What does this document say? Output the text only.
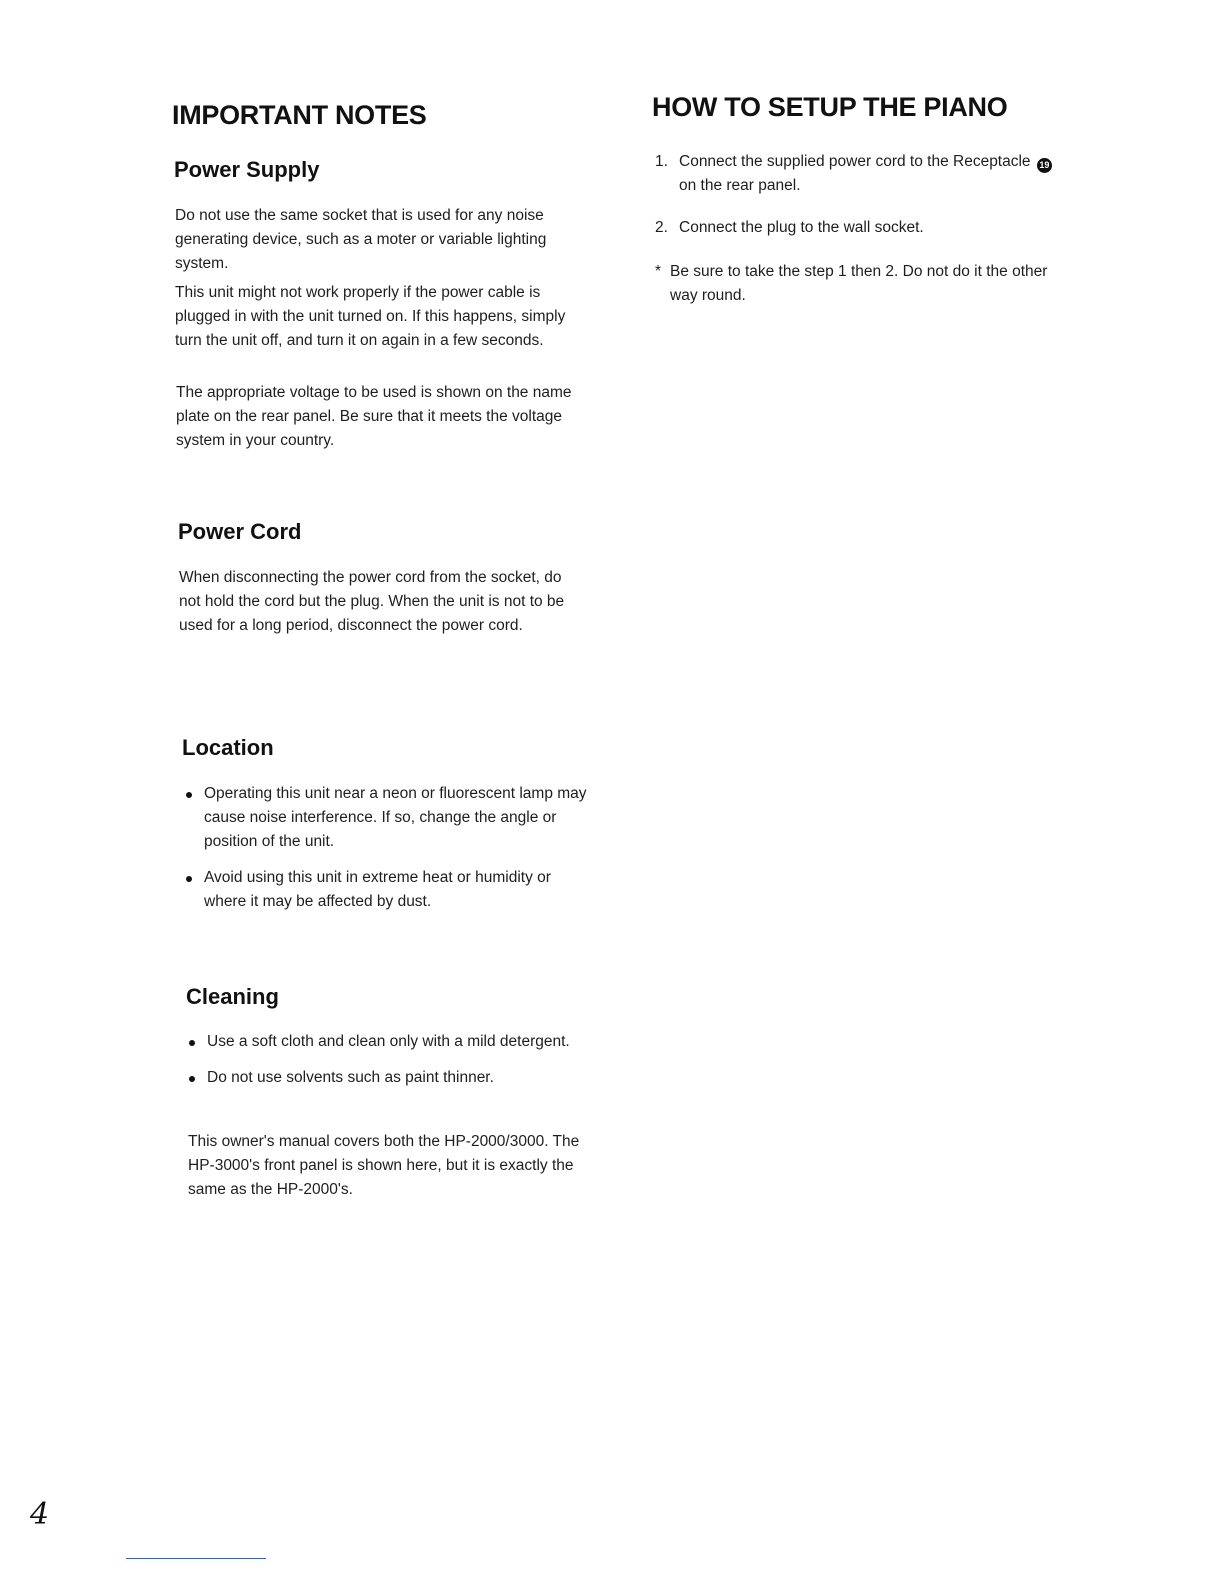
IMPORTANT NOTES
Power Supply

Do not use the same socket that is used for any noise generating device, such as a moter or variable lighting system.

This unit might not work properly if the power cable is plugged in with the unit turned on. If this happens, simply turn the unit off, and turn it on again in a few seconds.

The appropriate voltage to be used is shown on the name plate on the rear panel. Be sure that it meets the voltage system in your country.

Power Cord

When disconnecting the power cord from the socket, do not hold the cord but the plug. When the unit is not to be used for a long period, disconnect the power cord.

Location
Operating this unit near a neon or fluorescent lamp may cause noise interference. If so, change the angle or position of the unit.
Avoid using this unit in extreme heat or humidity or where it may be affected by dust.
Cleaning
Use a soft cloth and clean only with a mild detergent.
Do not use solvents such as paint thinner.

This owner's manual covers both the HP-2000/3000. The HP-3000's front panel is shown here, but it is exactly the same as the HP-2000's.

HOW TO SETUP THE PIANO
1. Connect the supplied power cord to the Receptacle 19 on the rear panel.
2. Connect the plug to the wall socket.
* Be sure to take the step 1 then 2. Do not do it the other way round.
4
